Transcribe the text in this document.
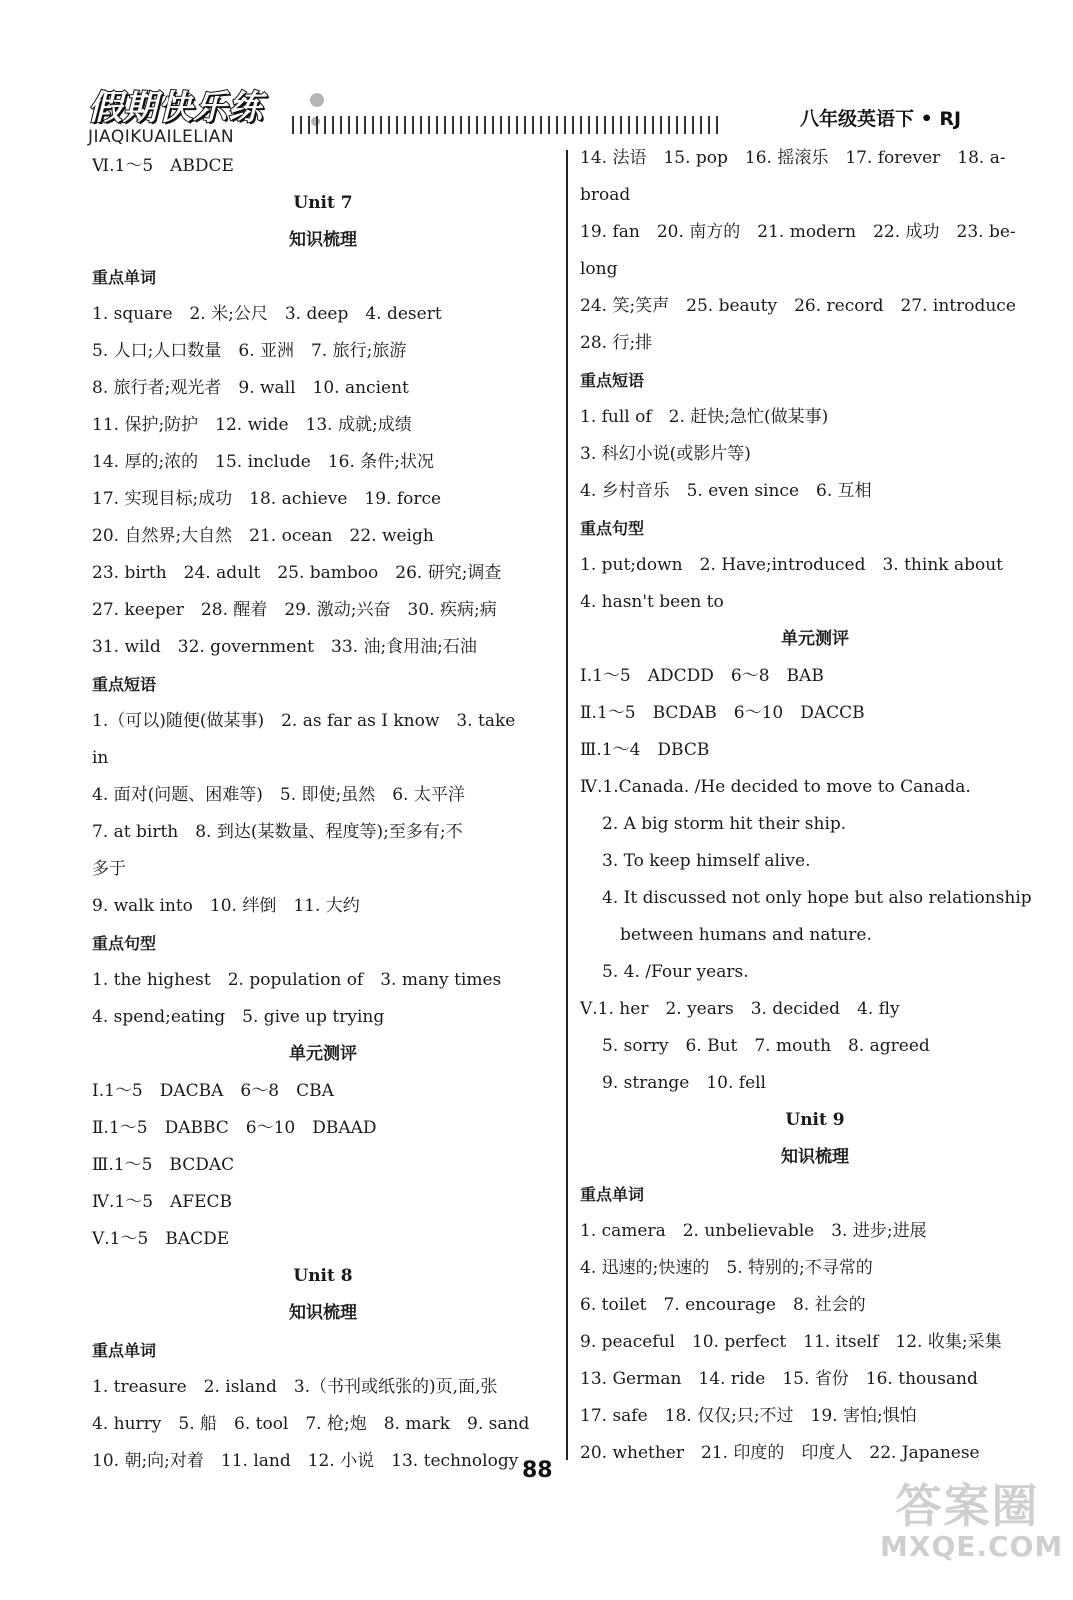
假期快乐练
JIAQIKUAILELIAN
八年级英语下 • RJ
Ⅵ.1～5　ABDCE
Unit 7
知识梳理
重点单词
1. square　2. 米;公尺　3. deep　4. desert
5. 人口;人口数量　6. 亚洲　7. 旅行;旅游
8. 旅行者;观光者　9. wall　10. ancient
11. 保护;防护　12. wide　13. 成就;成绩
14. 厚的;浓的　15. include　16. 条件;状况
17. 实现目标;成功　18. achieve　19. force
20. 自然界;大自然　21. ocean　22. weigh
23. birth　24. adult　25. bamboo　26. 研究;调查
27. keeper　28. 醒着　29. 激动;兴奋　30. 疾病;病
31. wild　32. government　33. 油;食用油;石油
重点短语
1.（可以)随便(做某事)　2. as far as I know　3. take
in
4. 面对(问题、困难等)　5. 即使;虽然　6. 太平洋
7. at birth　8. 到达(某数量、程度等);至多有;不
多于
9. walk into　10. 绊倒　11. 大约
重点句型
1. the highest　2. population of　3. many times
4. spend;eating　5. give up trying
单元测评
Ⅰ.1～5　DACBA　6～8　CBA
Ⅱ.1～5　DABBC　6～10　DBAAD
Ⅲ.1～5　BCDAC
Ⅳ.1～5　AFECB
Ⅴ.1～5　BACDE
Unit 8
知识梳理
重点单词
1. treasure　2. island　3.（书刊或纸张的)页,面,张
4. hurry　5. 船　6. tool　7. 枪;炮　8. mark　9. sand
10. 朝;向;对着　11. land　12. 小说　13. technology
14. 法语　15. pop　16. 摇滚乐　17. forever　18. a-
broad
19. fan　20. 南方的　21. modern　22. 成功　23. be-
long
24. 笑;笑声　25. beauty　26. record　27. introduce
28. 行;排
重点短语
1. full of　2. 赶快;急忙(做某事)
3. 科幻小说(或影片等)
4. 乡村音乐　5. even since　6. 互相
重点句型
1. put;down　2. Have;introduced　3. think about
4. hasn't been to
单元测评
Ⅰ.1～5　ADCDD　6～8　BAB
Ⅱ.1～5　BCDAB　6～10　DACCB
Ⅲ.1～4　DBCB
Ⅳ.1.Canada. /He decided to move to Canada.
2. A big storm hit their ship.
3. To keep himself alive.
4. It discussed not only hope but also relationship
between humans and nature.
5. 4. /Four years.
Ⅴ.1. her　2. years　3. decided　4. fly
5. sorry　6. But　7. mouth　8. agreed
9. strange　10. fell
Unit 9
知识梳理
重点单词
1. camera　2. unbelievable　3. 进步;进展
4. 迅速的;快速的　5. 特别的;不寻常的
6. toilet　7. encourage　8. 社会的
9. peaceful　10. perfect　11. itself　12. 收集;采集
13. German　14. ride　15. 省份　16. thousand
17. safe　18. 仅仅;只;不过　19. 害怕;惧怕
20. whether　21. 印度的　印度人　22. Japanese
88
答案圈
MXQE.COM
